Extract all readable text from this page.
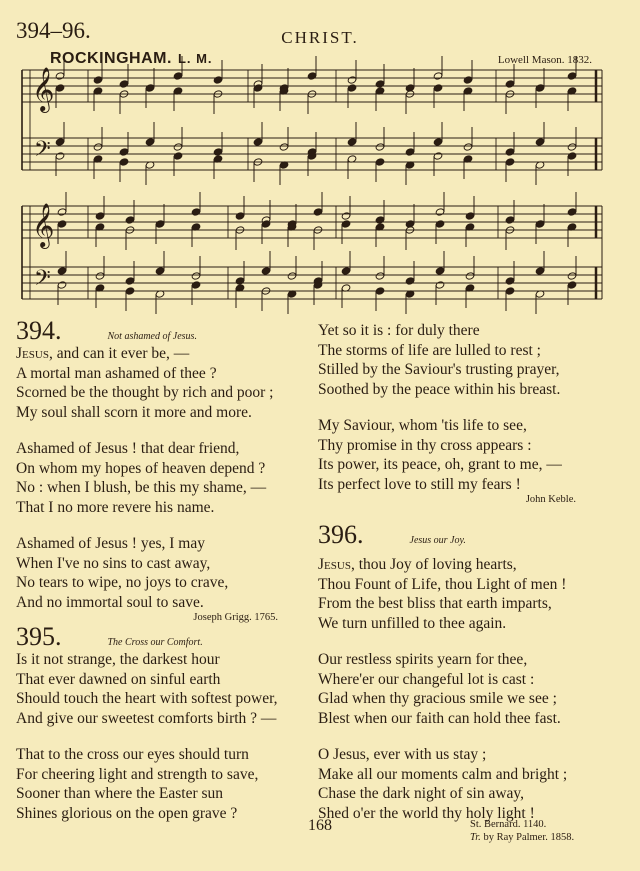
394–96.	CHRIST.
ROCKINGHAM. L. M.	Lowell Mason. 1832.
𝄞
𝄢
𝄞
𝄢
394.	Not ashamed of Jesus.
Jesus, and can it ever be, —
A mortal man ashamed of thee ?
Scorned be the thought by rich and poor ;
My soul shall scorn it more and more.
Ashamed of Jesus ! that dear friend,
On whom my hopes of heaven depend ?
No : when I blush, be this my shame, —
That I no more revere his name.
Ashamed of Jesus ! yes, I may
When I've no sins to cast away,
No tears to wipe, no joys to crave,
And no immortal soul to save.
Joseph Grigg. 1765.
395.	The Cross our Comfort.
Is it not strange, the darkest hour
That ever dawned on sinful earth
Should touch the heart with softest power,
And give our sweetest comforts birth ? —
That to the cross our eyes should turn
For cheering light and strength to save,
Sooner than where the Easter sun
Shines glorious on the open grave ?
Yet so it is : for duly there
The storms of life are lulled to rest ;
Stilled by the Saviour's trusting prayer,
Soothed by the peace within his breast.
My Saviour, whom 'tis life to see,
Thy promise in thy cross appears :
Its power, its peace, oh, grant to me, —
Its perfect love to still my fears !
John Keble.
396.	Jesus our Joy.
Jesus, thou Joy of loving hearts,
Thou Fount of Life, thou Light of men !
From the best bliss that earth imparts,
We turn unfilled to thee again.
Our restless spirits yearn for thee,
Where'er our changeful lot is cast :
Glad when thy gracious smile we see ;
Blest when our faith can hold thee fast.
O Jesus, ever with us stay ;
Make all our moments calm and bright ;
Chase the dark night of sin away,
Shed o'er the world thy holy light !
St. Bernard. 1140.
Tr. by Ray Palmer. 1858.
168
